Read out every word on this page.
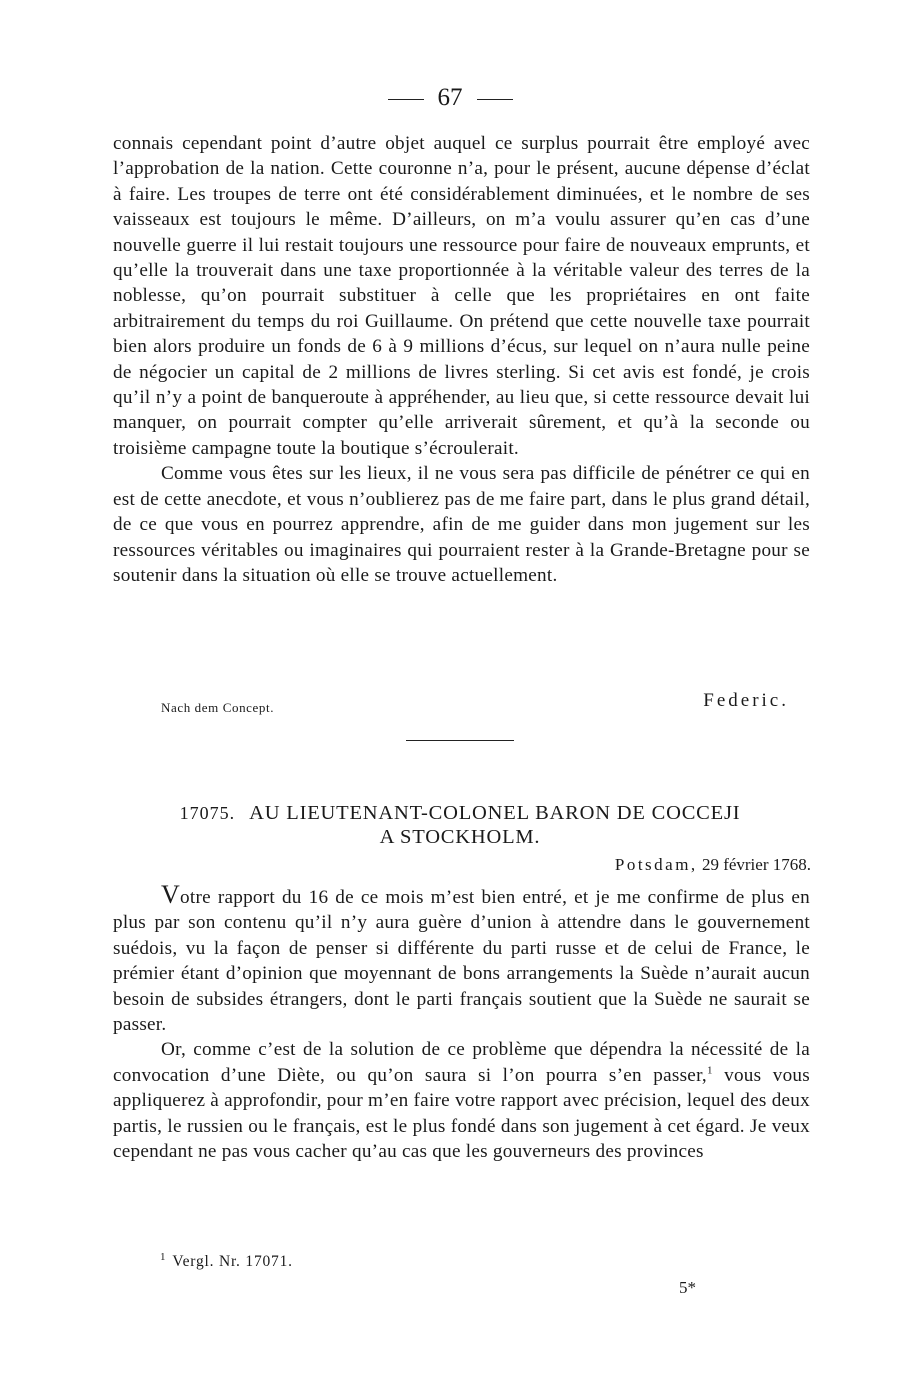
67

connais cependant point d’autre objet auquel ce surplus pourrait être employé avec l’approbation de la nation. Cette couronne n’a, pour le présent, aucune dépense d’éclat à faire. Les troupes de terre ont été considérablement diminuées, et le nombre de ses vaisseaux est toujours le même. D’ailleurs, on m’a voulu assurer qu’en cas d’une nouvelle guerre il lui restait toujours une ressource pour faire de nouveaux emprunts, et qu’elle la trouverait dans une taxe proportionnée à la véritable valeur des terres de la noblesse, qu’on pourrait substituer à celle que les propriétaires en ont faite arbitrairement du temps du roi Guillaume. On prétend que cette nouvelle taxe pourrait bien alors produire un fonds de 6 à 9 millions d’écus, sur lequel on n’aura nulle peine de négocier un capital de 2 millions de livres sterling. Si cet avis est fondé, je crois qu’il n’y a point de banqueroute à appréhender, au lieu que, si cette ressource devait lui manquer, on pourrait compter qu’elle arriverait sûrement, et qu’à la seconde ou troisième campagne toute la boutique s’écroulerait.

Comme vous êtes sur les lieux, il ne vous sera pas difficile de pénétrer ce qui en est de cette anecdote, et vous n’oublierez pas de me faire part, dans le plus grand détail, de ce que vous en pourrez apprendre, afin de me guider dans mon jugement sur les ressources véritables ou imaginaires qui pourraient rester à la Grande-Bretagne pour se soutenir dans la situation où elle se trouve actuellement.

Nach dem Concept.	Federic.
17075. AU LIEUTENANT-COLONEL BARON DE COCCEJI
A STOCKHOLM.
Potsdam, 29 février 1768.

Votre rapport du 16 de ce mois m’est bien entré, et je me confirme de plus en plus par son contenu qu’il n’y aura guère d’union à attendre dans le gouvernement suédois, vu la façon de penser si différente du parti russe et de celui de France, le prémier étant d’opinion que moyennant de bons arrangements la Suède n’aurait aucun besoin de subsides étrangers, dont le parti français soutient que la Suède ne saurait se passer.

Or, comme c’est de la solution de ce problème que dépendra la nécessité de la convocation d’une Diète, ou qu’on saura si l’on pourra s’en passer,$^1$ vous vous appliquerez à approfondir, pour m’en faire votre rapport avec précision, lequel des deux partis, le russien ou le français, est le plus fondé dans son jugement à cet égard. Je veux cependant ne pas vous cacher qu’au cas que les gouverneurs des provinces

$^1$ Vergl. Nr. 17071.
5*
